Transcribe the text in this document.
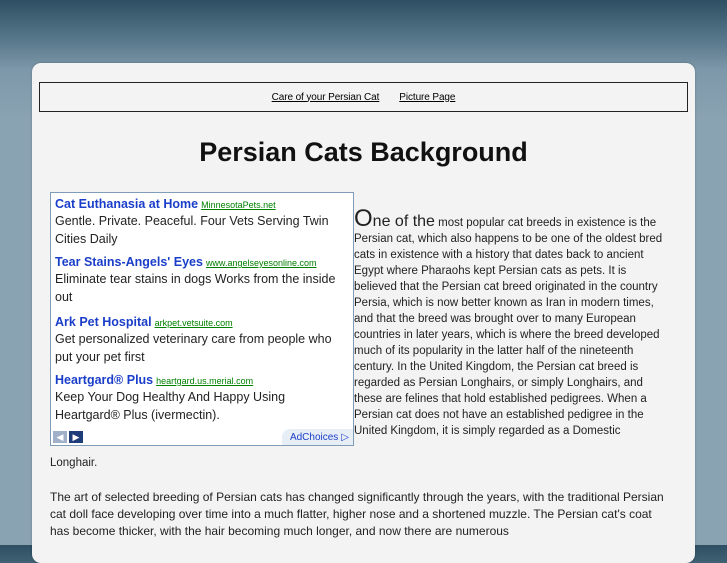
Care of your Persian Cat Picture Page
Persian Cats Background
Cat Euthanasia at Home MinnesotaPets.net
Gentle. Private. Peaceful. Four Vets Serving Twin Cities Daily
Tear Stains-Angels' Eyes www.angelseyesonline.com
Eliminate tear stains in dogs Works from the inside out
Ark Pet Hospital arkpet.vetsuite.com
Get personalized veterinary care from people who put your pet first
Heartgard® Plus heartgard.us.merial.com
Keep Your Dog Healthy And Happy Using Heartgard® Plus (ivermectin).
◀	▶	AdChoices ▷
One of the most popular cat breeds in existence is the Persian cat, which also happens to be one of the oldest bred cats in existence with a history that dates back to ancient Egypt where Pharaohs kept Persian cats as pets. It is believed that the Persian cat breed originated in the country Persia, which is now better known as Iran in modern times, and that the breed was brought over to many European countries in later years, which is where the breed developed much of its popularity in the latter half of the nineteenth century. In the United Kingdom, the Persian cat breed is regarded as Persian Longhairs, or simply Longhairs, and these are felines that hold established pedigrees. When a Persian cat does not have an established pedigree in the United Kingdom, it is simply regarded as a Domestic
Longhair.
The art of selected breeding of Persian cats has changed significantly through the years, with the traditional Persian cat doll face developing over time into a much flatter, higher nose and a shortened muzzle. The Persian cat's coat has become thicker, with the hair becoming much longer, and now there are numerous
